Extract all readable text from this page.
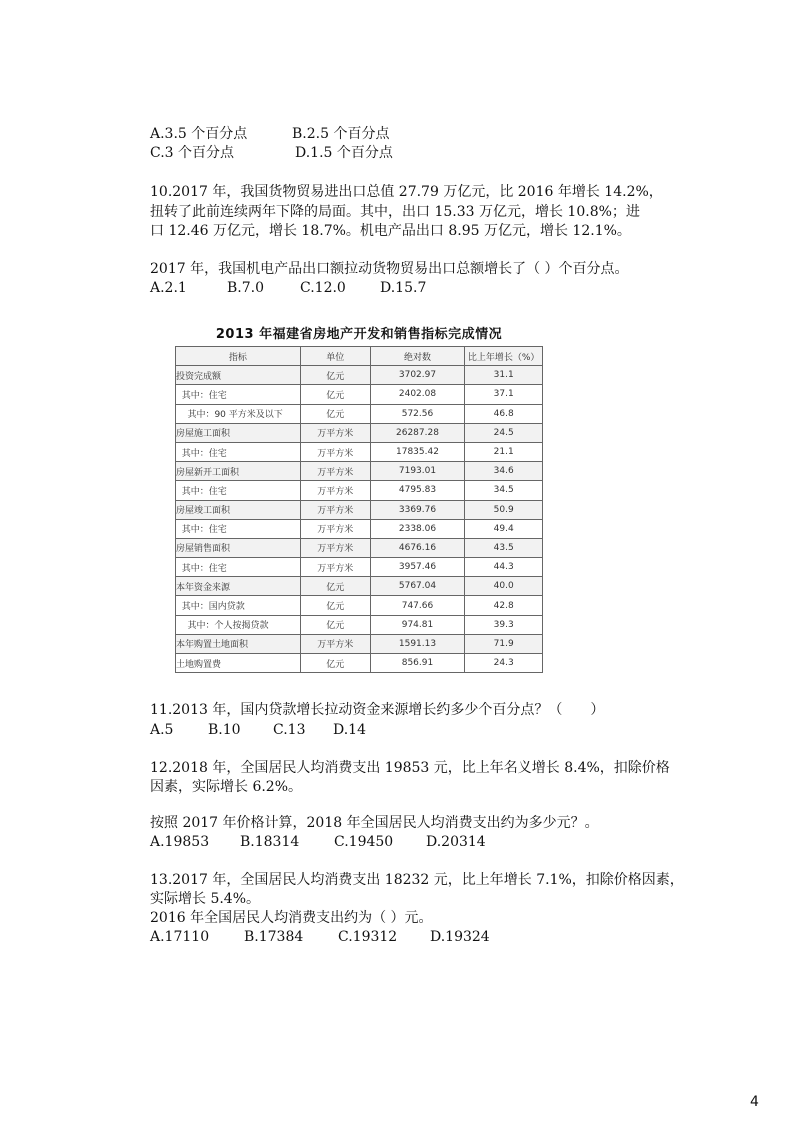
A.3.5 个百分点	B.2.5 个百分点
C.3 个百分点	D.1.5 个百分点
10.2017 年，我国货物贸易进出口总值 27.79 万亿元，比 2016 年增长 14.2%，
扭转了此前连续两年下降的局面。其中，出口 15.33 万亿元，增长 10.8%；进
口 12.46 万亿元，增长 18.7%。机电产品出口 8.95 万亿元，增长 12.1%。
2017 年，我国机电产品出口额拉动货物贸易出口总额增长了（ ）个百分点。
A.2.1	B.7.0	C.12.0 D.15.7
2013 年福建省房地产开发和销售指标完成情况
指标	单位	绝对数	比上年增长（%）
投资完成额	亿元	3702.97	31.1
其中：住宅	亿元	2402.08	37.1
其中：90 平方米及以下	亿元	572.56	46.8
房屋施工面积	万平方米	26287.28	24.5
其中：住宅	万平方米	17835.42	21.1
房屋新开工面积	万平方米	7193.01	34.6
其中：住宅	万平方米	4795.83	34.5
房屋竣工面积	万平方米	3369.76	50.9
其中：住宅	万平方米	2338.06	49.4
房屋销售面积	万平方米	4676.16	43.5
其中：住宅	万平方米	3957.46	44.3
本年资金来源	亿元	5767.04	40.0
其中：国内贷款	亿元	747.66	42.8
其中：个人按揭贷款	亿元	974.81	39.3
本年购置土地面积	万平方米	1591.13	71.9
土地购置费	亿元	856.91	24.3
11.2013 年，国内贷款增长拉动资金来源增长约多少个百分点？（　　）
A.5 B.10 C.13 D.14
12.2018 年，全国居民人均消费支出 19853 元，比上年名义增长 8.4%，扣除价格
因素，实际增长 6.2%。
按照 2017 年价格计算，2018 年全国居民人均消费支出约为多少元？。
A.19853 B.18314 C.19450 D.20314
13.2017 年，全国居民人均消费支出 18232 元，比上年增长 7.1%，扣除价格因素，
实际增长 5.4%。
2016 年全国居民人均消费支出约为（ ）元。
A.17110 B.17384 C.19312 D.19324
4
